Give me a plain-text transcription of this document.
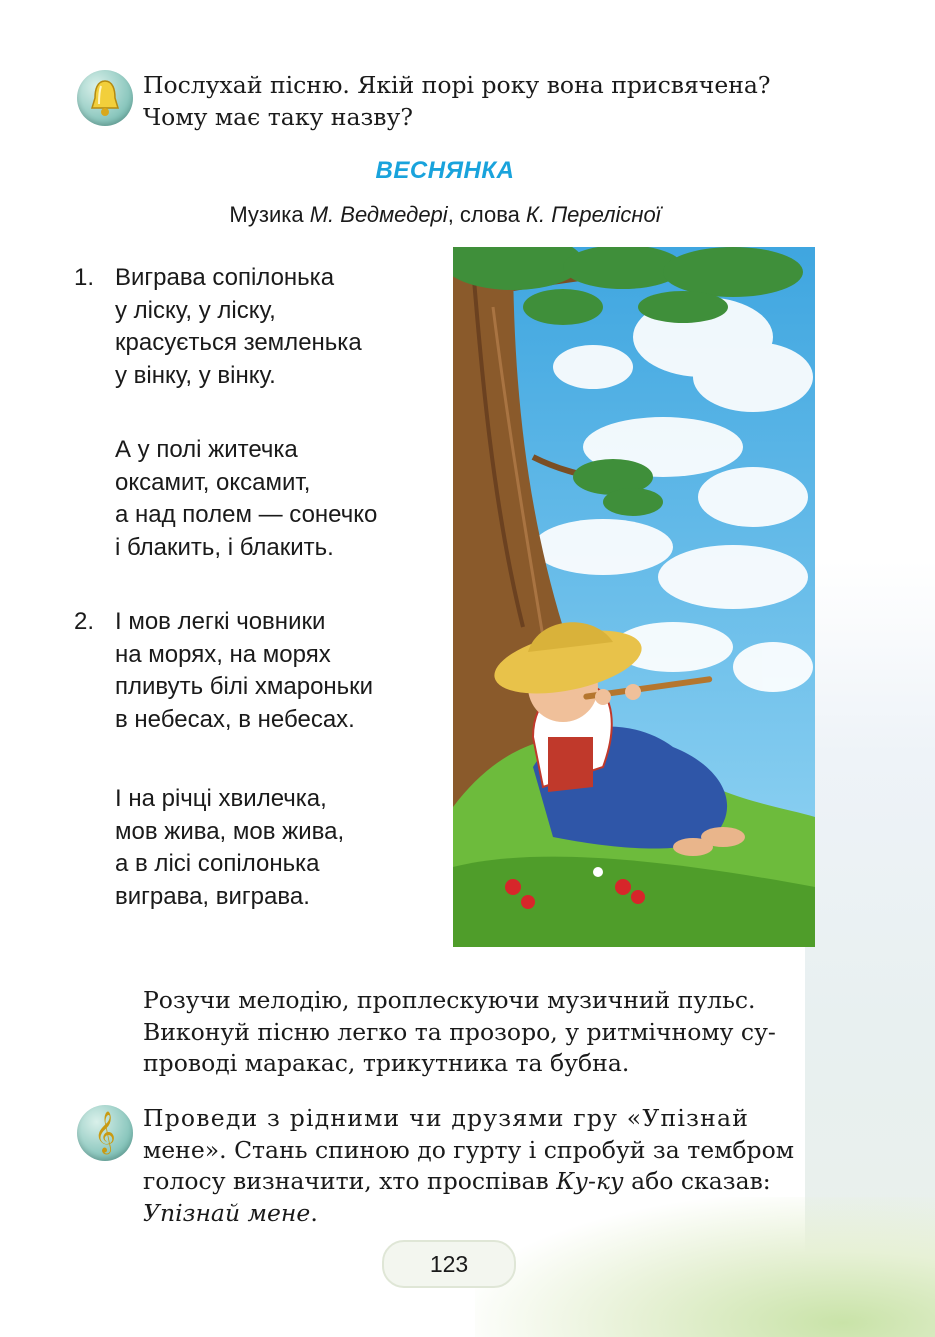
Послухай пісню. Якій порі року вона присвячена?
Чому має таку назву?
ВЕСНЯНКА
Музика М. Ведмедері, слова К. Перелісної
1. Виграва сопілонька
у ліску, у ліску,
красується земленька
у вінку, у вінку.
А у полі житечка
оксамит, оксамит,
а над полем — сонечко
і блакить, і блакить.
2. І мов легкі човники
на морях, на морях
пливуть білі хмароньки
в небесах, в небесах.
І на річці хвилечка,
мов жива, мов жива,
а в лісі сопілонька
виграва, виграва.
Розучи мелодію, проплескуючи музичний пульс.
Виконуй пісню легко та прозоро, у ритмічному су-
проводі маракас, трикутника та бубна.
𝄞 Проведи з рідними чи друзями гру «Упізнай
мене». Стань спиною до гурту і спробуй за тембром
голосу визначити, хто проспівав Ку-ку або сказав:
Упізнай мене.
123
